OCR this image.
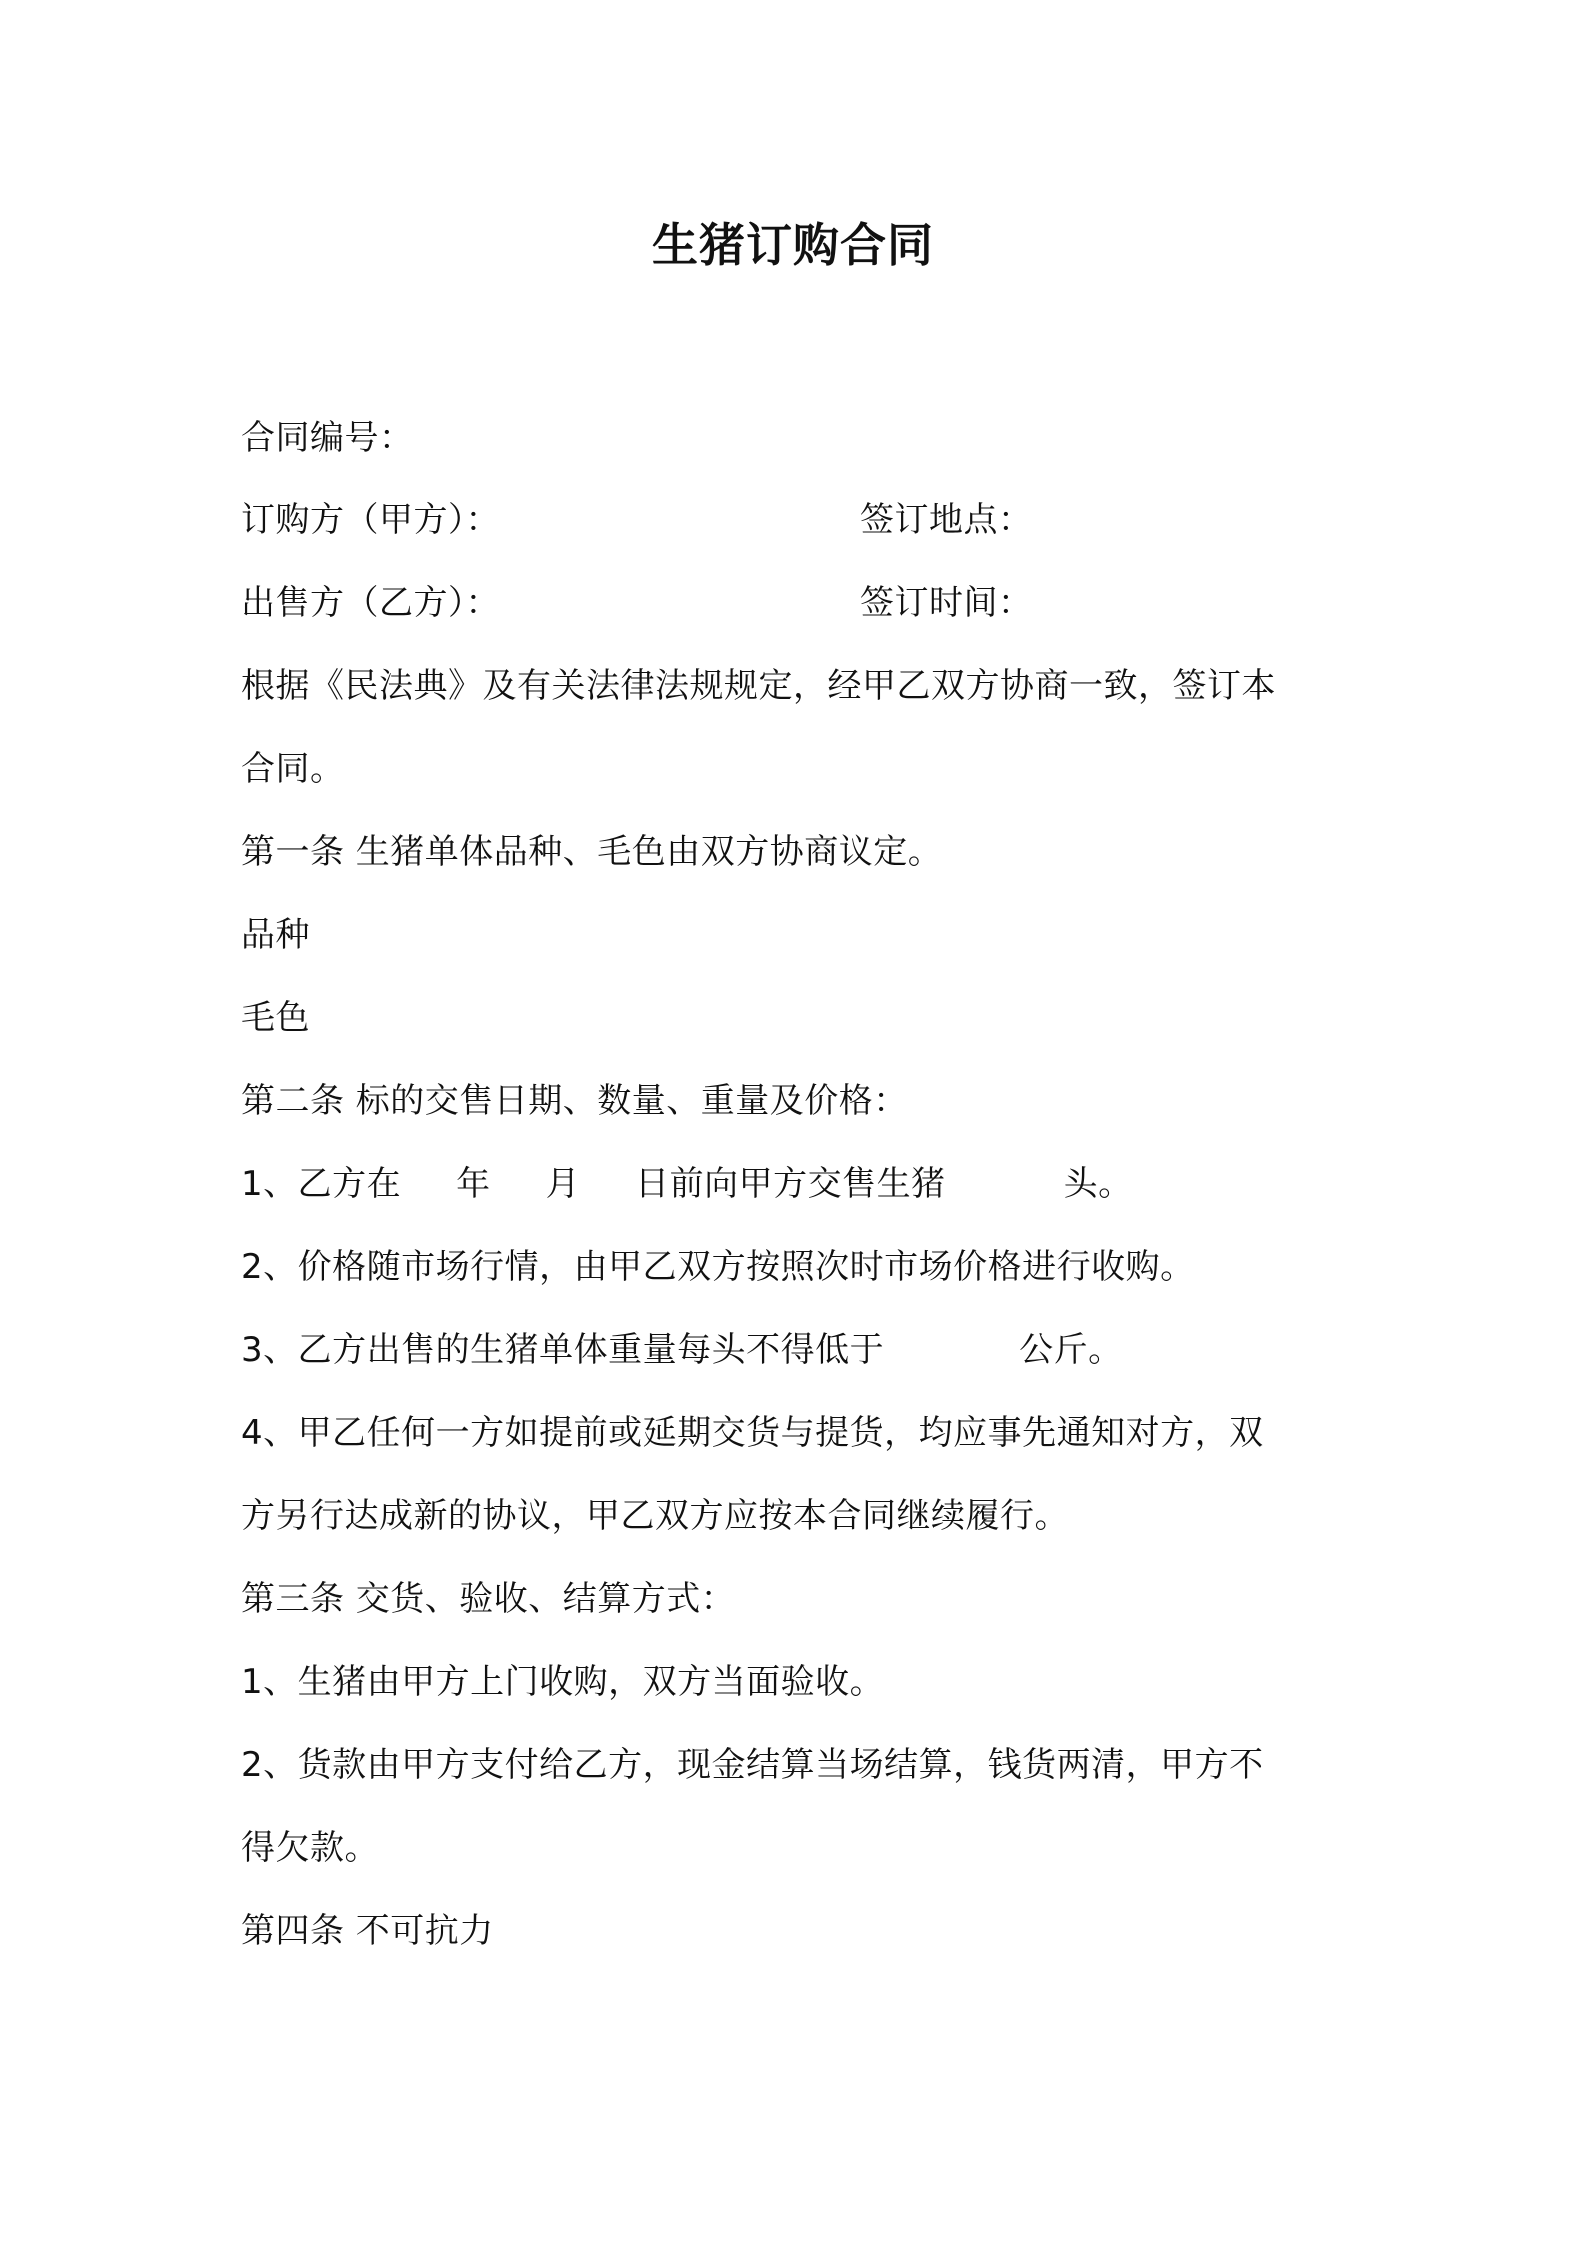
生猪订购合同
合同编号：
订购方（甲方）：	签订地点：
出售方（乙方）：	签订时间：
根据《民法典》及有关法律法规规定，经甲乙双方协商一致，签订本
合同。
第一条 生猪单体品种、毛色由双方协商议定。
品种
毛色
第二条 标的交售日期、数量、重量及价格：
1、乙方在 年 月 日前向甲方交售生猪	头。
2、价格随市场行情，由甲乙双方按照次时市场价格进行收购。
3、乙方出售的生猪单体重量每头不得低于	公斤。
4、甲乙任何一方如提前或延期交货与提货，均应事先通知对方，双
方另行达成新的协议，甲乙双方应按本合同继续履行。
第三条 交货、验收、结算方式：
1、生猪由甲方上门收购，双方当面验收。
2、货款由甲方支付给乙方，现金结算当场结算，钱货两清，甲方不
得欠款。
第四条 不可抗力
